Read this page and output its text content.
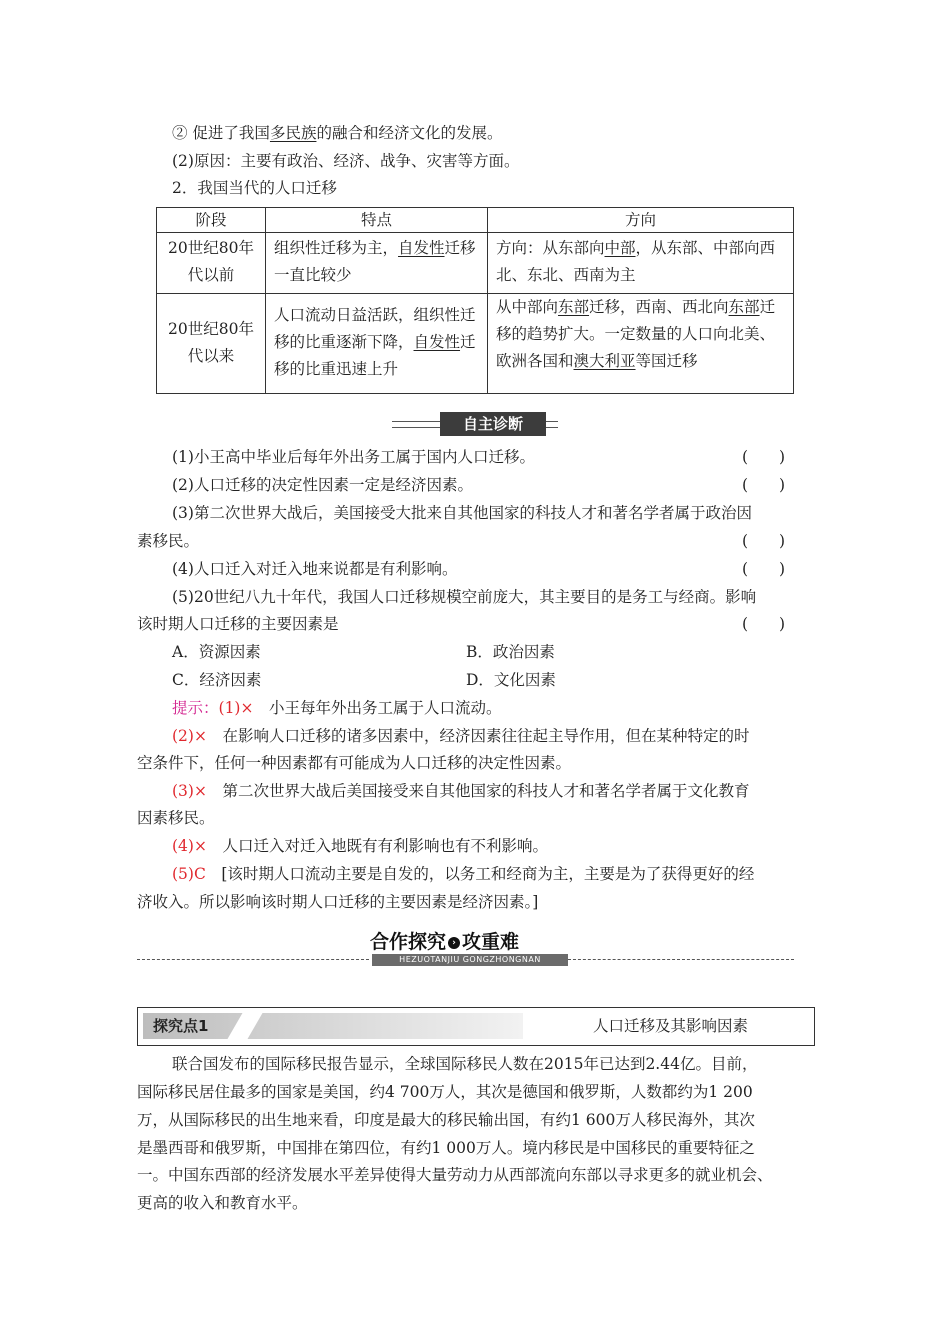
② 促进了我国多民族的融合和经济文化的发展。
(2)原因：主要有政治、经济、战争、灾害等方面。
2．我国当代的人口迁移
阶段	特点	方向
20世纪80年代以前	组织性迁移为主，自发性迁移一直比较少	方向：从东部向中部，从东部、中部向西北、东北、西南为主
20世纪80年代以来	人口流动日益活跃，组织性迁移的比重逐渐下降，自发性迁移的比重迅速上升	从中部向东部迁移，西南、西北向东部迁移的趋势扩大。一定数量的人口向北美、欧洲各国和澳大利亚等国迁移
自主诊断
(1)小王高中毕业后每年外出务工属于国内人口迁移。	(　　)
(2)人口迁移的决定性因素一定是经济因素。	(　　)
(3)第二次世界大战后，美国接受大批来自其他国家的科技人才和著名学者属于政治因
素移民。	(　　)
(4)人口迁入对迁入地来说都是有利影响。	(　　)
(5)20世纪八九十年代，我国人口迁移规模空前庞大，其主要目的是务工与经商。影响
该时期人口迁移的主要因素是	(　　)
A．资源因素	B．政治因素
C．经济因素	D．文化因素
提示：(1)×　 小王每年外出务工属于人口流动。
(2)×　 在影响人口迁移的诸多因素中，经济因素往往起主导作用，但在某种特定的时
空条件下，任何一种因素都有可能成为人口迁移的决定性因素。
(3)×　 第二次世界大战后美国接受来自其他国家的科技人才和著名学者属于文化教育
因素移民。
(4)×　 人口迁入对迁入地既有有利影响也有不利影响。
(5)C　 [该时期人口流动主要是自发的，以务工和经商为主，主要是为了获得更好的经
济收入。所以影响该时期人口迁移的主要因素是经济因素。]
合作探究 › 攻重难
HEZUOTANJIU GONGZHONGNAN
探究点1	人口迁移及其影响因素
联合国发布的国际移民报告显示，全球国际移民人数在2015年已达到2.44亿。目前，
国际移民居住最多的国家是美国，约4 700万人，其次是德国和俄罗斯，人数都约为1 200
万，从国际移民的出生地来看，印度是最大的移民输出国，有约1 600万人移民海外，其次
是墨西哥和俄罗斯，中国排在第四位，有约1 000万人。境内移民是中国移民的重要特征之
一。中国东西部的经济发展水平差异使得大量劳动力从西部流向东部以寻求更多的就业机会、
更高的收入和教育水平。
